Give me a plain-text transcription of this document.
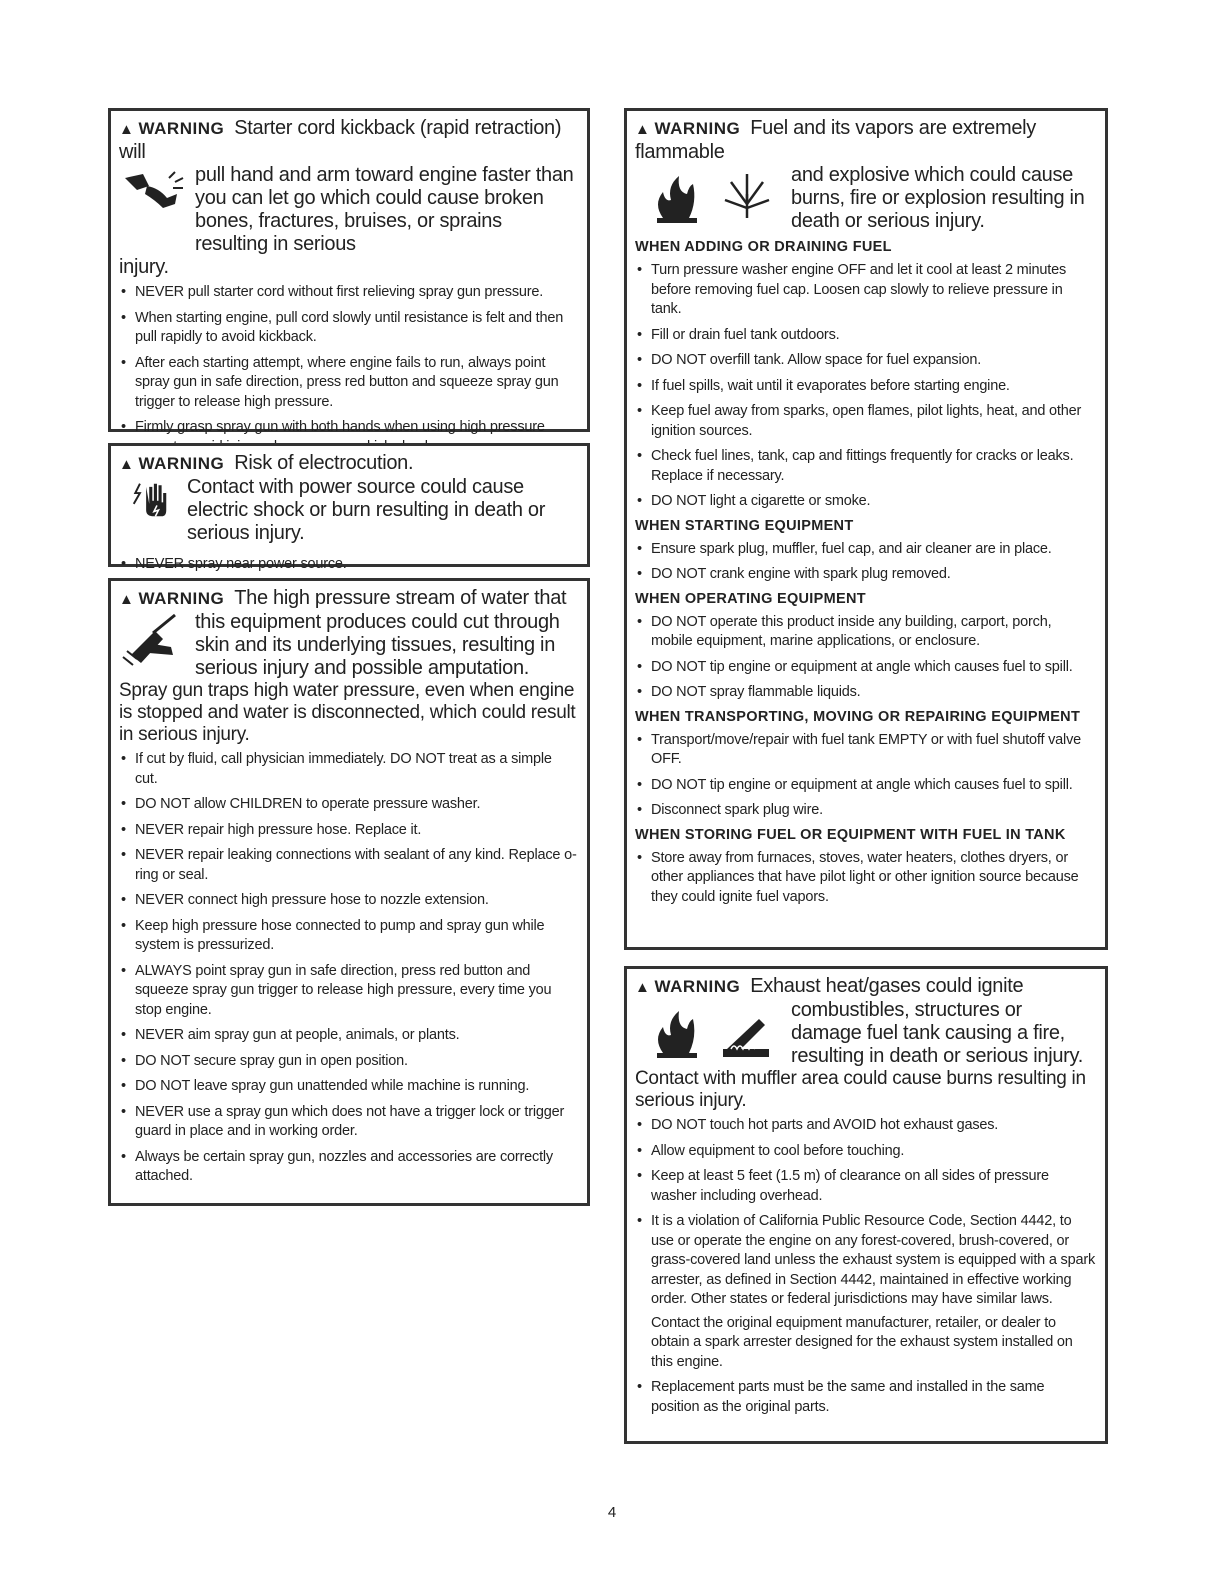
▲ WARNING Starter cord kickback (rapid retraction) will
pull hand and arm toward engine faster than you can let go which could cause broken bones, fractures, bruises, or sprains resulting in serious
injury.
• NEVER pull starter cord without first relieving spray gun pressure.
• When starting engine, pull cord slowly until resistance is felt and then pull rapidly to avoid kickback.
• After each starting attempt, where engine fails to run, always point spray gun in safe direction, press red button and squeeze spray gun trigger to release high pressure.
• Firmly grasp spray gun with both hands when using high pressure
▲ WARNING Risk of electrocution.
Contact with power source could cause electric shock or burn resulting in death or serious injury.
• NEVER spray near power source.
▲ WARNING The high pressure stream of water that
this equipment produces could cut through skin and its underlying tissues, resulting in serious injury and possible amputation.
Spray gun traps high water pressure, even when engine is stopped and water is disconnected, which could result in serious injury.
• If cut by fluid, call physician immediately. DO NOT treat as a simple cut.
• DO NOT allow CHILDREN to operate pressure washer.
• NEVER repair high pressure hose. Replace it.
• NEVER repair leaking connections with sealant of any kind. Replace o-ring or seal.
• NEVER connect high pressure hose to nozzle extension.
• Keep high pressure hose connected to pump and spray gun while system is pressurized.
• ALWAYS point spray gun in safe direction, press red button and squeeze spray gun trigger to release high pressure, every time you stop engine.
• NEVER aim spray gun at people, animals, or plants.
• DO NOT secure spray gun in open position.
• DO NOT leave spray gun unattended while machine is running.
• NEVER use a spray gun which does not have a trigger lock or trigger guard in place and in working order.
• Always be certain spray gun, nozzles and accessories are correctly attached.
▲ WARNING Fuel and its vapors are extremely flammable
and explosive which could cause burns, fire or explosion resulting in death or serious injury.
WHEN ADDING OR DRAINING FUEL
• Turn pressure washer engine OFF and let it cool at least 2 minutes before removing fuel cap. Loosen cap slowly to relieve pressure in tank.
• Fill or drain fuel tank outdoors.
• DO NOT overfill tank. Allow space for fuel expansion.
• If fuel spills, wait until it evaporates before starting engine.
• Keep fuel away from sparks, open flames, pilot lights, heat, and other ignition sources.
• Check fuel lines, tank, cap and fittings frequently for cracks or leaks. Replace if necessary.
• DO NOT light a cigarette or smoke.
WHEN STARTING EQUIPMENT
• Ensure spark plug, muffler, fuel cap, and air cleaner are in place.
• DO NOT crank engine with spark plug removed.
WHEN OPERATING EQUIPMENT
• DO NOT operate this product inside any building, carport, porch, mobile equipment, marine applications, or enclosure.
• DO NOT tip engine or equipment at angle which causes fuel to spill.
• DO NOT spray flammable liquids.
WHEN TRANSPORTING, MOVING OR REPAIRING EQUIPMENT
• Transport/move/repair with fuel tank EMPTY or with fuel shutoff valve OFF.
• DO NOT tip engine or equipment at angle which causes fuel to spill.
• Disconnect spark plug wire.
WHEN STORING FUEL OR EQUIPMENT WITH FUEL IN TANK
• Store away from furnaces, stoves, water heaters, clothes dryers, or other appliances that have pilot light or other ignition source because they could ignite fuel vapors.
▲ WARNING Exhaust heat/gases could ignite
combustibles, structures or damage fuel tank causing a fire, resulting in death or serious injury.
Contact with muffler area could cause burns resulting in serious injury.
• DO NOT touch hot parts and AVOID hot exhaust gases.
• Allow equipment to cool before touching.
• Keep at least 5 feet (1.5 m) of clearance on all sides of pressure washer including overhead.
• It is a violation of California Public Resource Code, Section 4442, to use or operate the engine on any forest-covered, brush-covered, or grass-covered land unless the exhaust system is equipped with a spark arrester, as defined in Section 4442, maintained in effective working order. Other states or federal jurisdictions may have similar laws.
Contact the original equipment manufacturer, retailer, or dealer to obtain a spark arrester designed for the exhaust system installed on this engine.
• Replacement parts must be the same and installed in the same position as the original parts.
4
